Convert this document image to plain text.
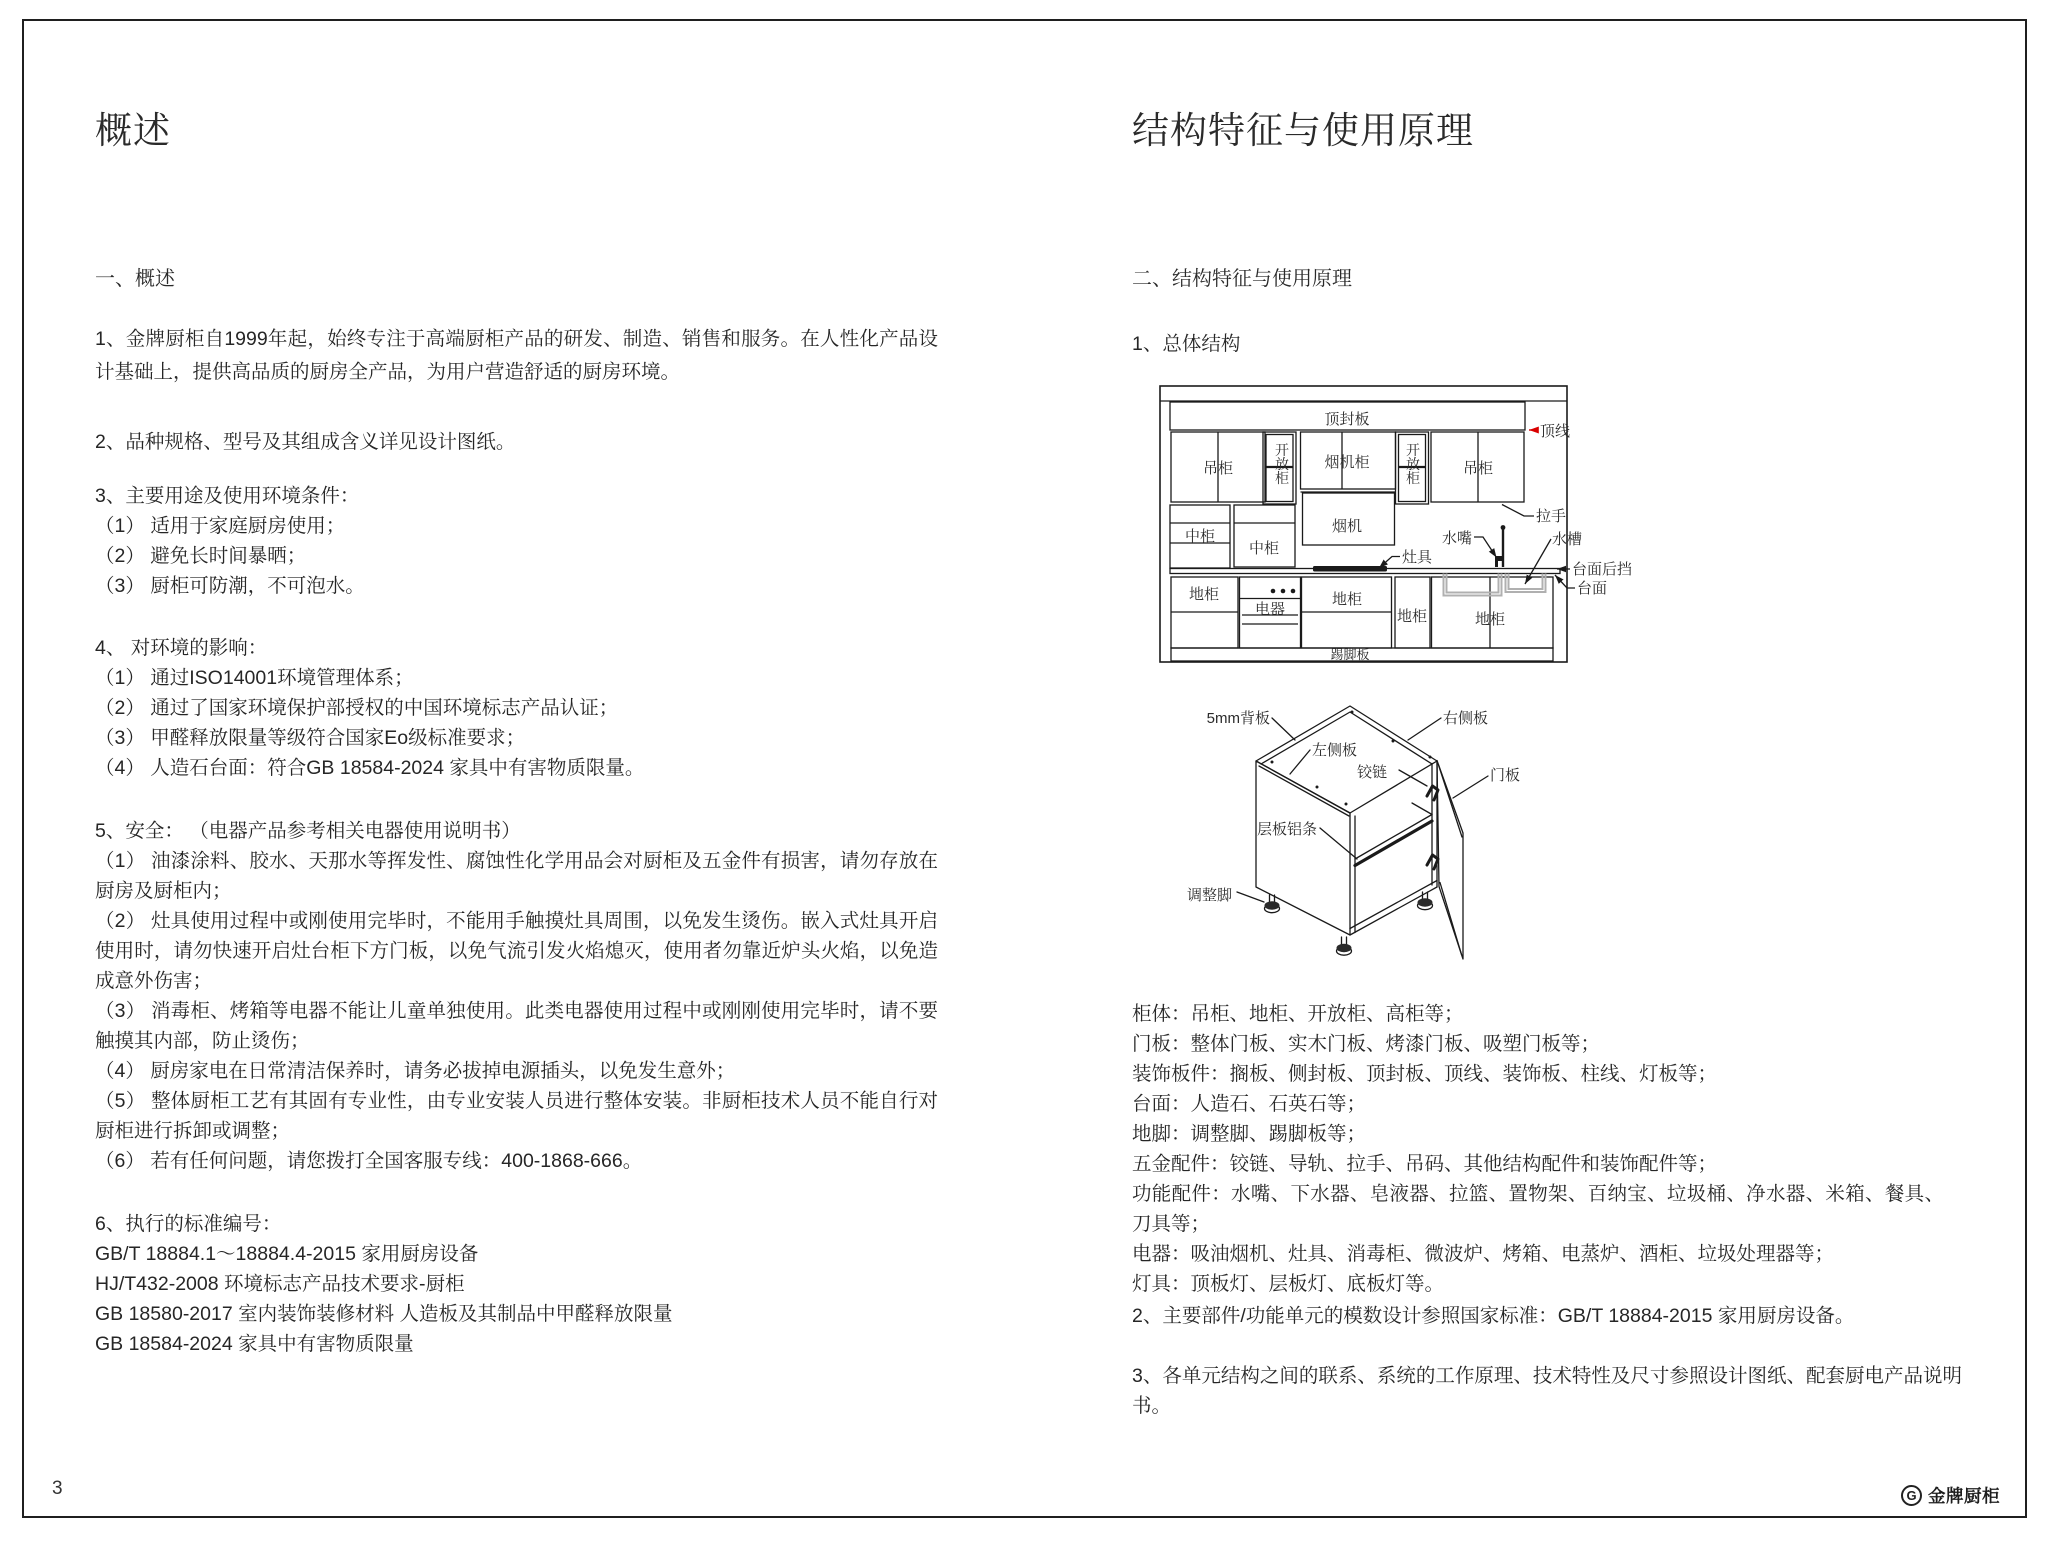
概述

一、概述

1、金牌厨柜自1999年起，始终专注于高端厨柜产品的研发、制造、销售和服务。在人性化产品设计基础上，提供高品质的厨房全产品，为用户营造舒适的厨房环境。

2、品种规格、型号及其组成含义详见设计图纸。

3、主要用途及使用环境条件：

（1） 适用于家庭厨房使用；

（2） 避免长时间暴晒；

（3） 厨柜可防潮，不可泡水。

4、 对环境的影响：

（1） 通过ISO14001环境管理体系；

（2） 通过了国家环境保护部授权的中国环境标志产品认证；

（3） 甲醛释放限量等级符合国家Eo级标准要求；

（4） 人造石台面：符合GB 18584-2024 家具中有害物质限量。

5、安全： （电器产品参考相关电器使用说明书）

（1） 油漆涂料、胶水、天那水等挥发性、腐蚀性化学用品会对厨柜及五金件有损害，请勿存放在厨房及厨柜内；

（2） 灶具使用过程中或刚使用完毕时，不能用手触摸灶具周围，以免发生烫伤。嵌入式灶具开启使用时，请勿快速开启灶台柜下方门板，以免气流引发火焰熄灭，使用者勿靠近炉头火焰，以免造成意外伤害；

（3） 消毒柜、烤箱等电器不能让儿童单独使用。此类电器使用过程中或刚刚使用完毕时，请不要触摸其内部，防止烫伤；

（4） 厨房家电在日常清洁保养时，请务必拔掉电源插头，以免发生意外；

（5） 整体厨柜工艺有其固有专业性，由专业安装人员进行整体安装。非厨柜技术人员不能自行对厨柜进行拆卸或调整；

（6） 若有任何问题，请您拨打全国客服专线：400-1868-666。

6、执行的标准编号：

GB/T 18884.1～18884.4-2015 家用厨房设备

HJ/T432-2008 环境标志产品技术要求-厨柜

GB 18580-2017 室内装饰装修材料 人造板及其制品中甲醛释放限量

GB 18584-2024 家具中有害物质限量

结构特征与使用原理

二、结构特征与使用原理

1、总体结构

顶封板
顶线
吊柜	吊柜
烟机柜
烟机
中柜
中柜
拉手
水嘴	水槽
台面后挡
台面
灶具
地柜
电器
地柜
地柜	地柜
踢脚板
开放柜
开放柜
5mm背板	右侧板
左侧板
铰链	门板
层板铝条
调整脚

柜体：吊柜、地柜、开放柜、高柜等；

门板：整体门板、实木门板、烤漆门板、吸塑门板等；

装饰板件：搁板、侧封板、顶封板、顶线、装饰板、柱线、灯板等；

台面：人造石、石英石等；

地脚：调整脚、踢脚板等；

五金配件：铰链、导轨、拉手、吊码、其他结构配件和装饰配件等；

功能配件：水嘴、下水器、皂液器、拉篮、置物架、百纳宝、垃圾桶、净水器、米箱、餐具、刀具等；

电器：吸油烟机、灶具、消毒柜、微波炉、烤箱、电蒸炉、酒柜、垃圾处理器等；

灯具：顶板灯、层板灯、底板灯等。

2、主要部件/功能单元的模数设计参照国家标准：GB/T 18884-2015 家用厨房设备。

3、各单元结构之间的联系、系统的工作原理、技术特性及尺寸参照设计图纸、配套厨电产品说明书。

3	G 金牌厨柜
